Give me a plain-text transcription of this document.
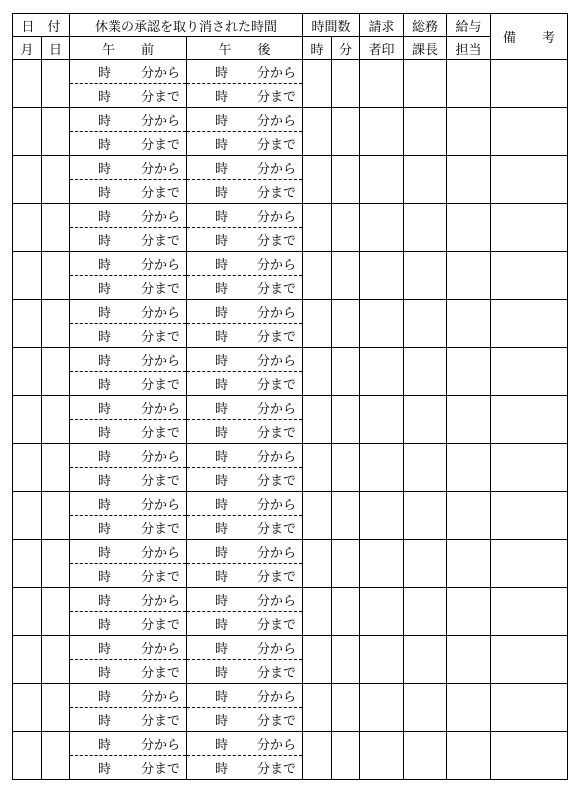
日　付		休業の承認を取り消された時間		時間数		請求	総務	給与	備　　考
月	日	午　　前	午　　後	時	分	者印	課長	担当	

		時 分から	時 分から						

		時 分まで	時 分まで						

		時 分から	時 分から						

		時 分まで	時 分まで						

		時 分から	時 分から						

		時 分まで	時 分まで						

		時 分から	時 分から						

		時 分まで	時 分まで						

		時 分から	時 分から						

		時 分まで	時 分まで						

		時 分から	時 分から						

		時 分まで	時 分まで						

		時 分から	時 分から						

		時 分まで	時 分まで						

		時 分から	時 分から						

		時 分まで	時 分まで						

		時 分から	時 分から						

		時 分まで	時 分まで						

		時 分から	時 分から						

		時 分まで	時 分まで						

		時 分から	時 分から						

		時 分まで	時 分まで						

		時 分から	時 分から						

		時 分まで	時 分まで						

		時 分から	時 分から						

		時 分まで	時 分まで						

		時 分から	時 分から						

		時 分まで	時 分まで						

		時 分から	時 分から						

		時 分まで	時 分まで						
